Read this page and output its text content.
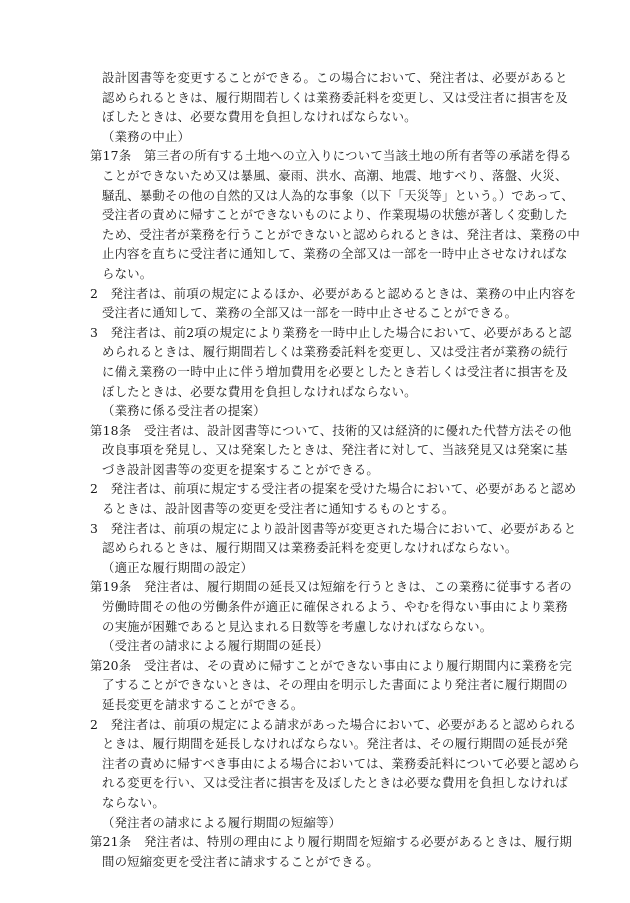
設計図書等を変更することができる。この場合において、発注者は、必要があると認められるときは、履行期間若しくは業務委託料を変更し、又は受注者に損害を及ぼしたときは、必要な費用を負担しなければならない。

（業務の中止）

第17条　第三者の所有する土地への立入りについて当該土地の所有者等の承諾を得ることができないため又は暴風、豪雨、洪水、高潮、地震、地すべり、落盤、火災、騒乱、暴動その他の自然的又は人為的な事象（以下「天災等」という。）であって、受注者の責めに帰すことができないものにより、作業現場の状態が著しく変動したため、受注者が業務を行うことができないと認められるときは、発注者は、業務の中止内容を直ちに受注者に通知して、業務の全部又は一部を一時中止させなければならない。

2　発注者は、前項の規定によるほか、必要があると認めるときは、業務の中止内容を受注者に通知して、業務の全部又は一部を一時中止させることができる。

3　発注者は、前2項の規定により業務を一時中止した場合において、必要があると認められるときは、履行期間若しくは業務委託料を変更し、又は受注者が業務の続行に備え業務の一時中止に伴う増加費用を必要としたとき若しくは受注者に損害を及ぼしたときは、必要な費用を負担しなければならない。

（業務に係る受注者の提案）

第18条　受注者は、設計図書等について、技術的又は経済的に優れた代替方法その他改良事項を発見し、又は発案したときは、発注者に対して、当該発見又は発案に基づき設計図書等の変更を提案することができる。

2　発注者は、前項に規定する受注者の提案を受けた場合において、必要があると認めるときは、設計図書等の変更を受注者に通知するものとする。

3　発注者は、前項の規定により設計図書等が変更された場合において、必要があると認められるときは、履行期間又は業務委託料を変更しなければならない。

（適正な履行期間の設定）

第19条　発注者は、履行期間の延長又は短縮を行うときは、この業務に従事する者の労働時間その他の労働条件が適正に確保されるよう、やむを得ない事由により業務の実施が困難であると見込まれる日数等を考慮しなければならない。

（受注者の請求による履行期間の延長）

第20条　受注者は、その責めに帰すことができない事由により履行期間内に業務を完了することができないときは、その理由を明示した書面により発注者に履行期間の延長変更を請求することができる。

2　発注者は、前項の規定による請求があった場合において、必要があると認められるときは、履行期間を延長しなければならない。発注者は、その履行期間の延長が発注者の責めに帰すべき事由による場合においては、業務委託料について必要と認められる変更を行い、又は受注者に損害を及ぼしたときは必要な費用を負担しなければならない。

（発注者の請求による履行期間の短縮等）

第21条　発注者は、特別の理由により履行期間を短縮する必要があるときは、履行期間の短縮変更を受注者に請求することができる。
